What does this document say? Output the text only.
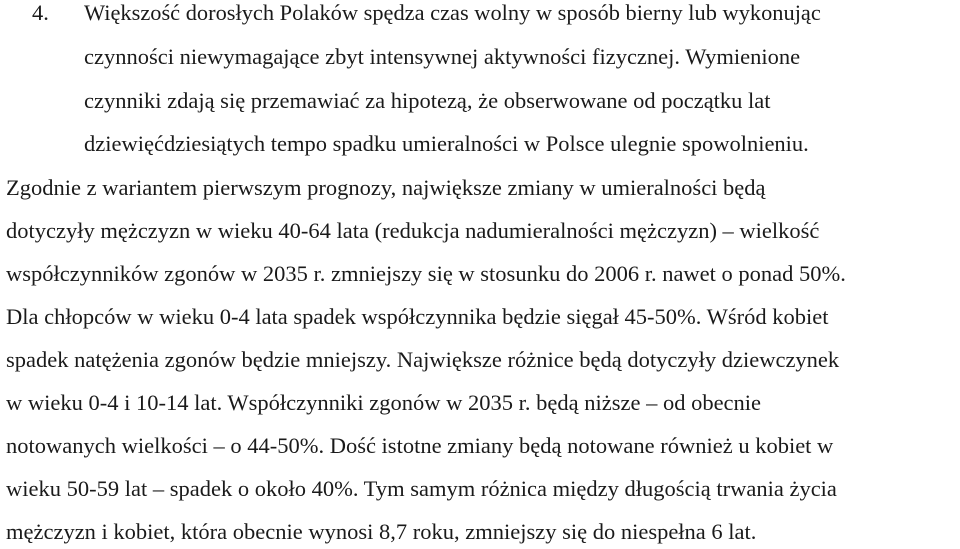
4. Większość dorosłych Polaków spędza czas wolny w sposób bierny lub wykonując
czynności niewymagające zbyt intensywnej aktywności fizycznej. Wymienione
czynniki zdają się przemawiać za hipotezą, że obserwowane od początku lat
dziewięćdziesiątych tempo spadku umieralności w Polsce ulegnie spowolnieniu.
Zgodnie z wariantem pierwszym prognozy, największe zmiany w umieralności będą
dotyczyły mężczyzn w wieku 40-64 lata (redukcja nadumieralności mężczyzn) – wielkość
współczynników zgonów w 2035 r. zmniejszy się w stosunku do 2006 r. nawet o ponad 50%.
Dla chłopców w wieku 0-4 lata spadek współczynnika będzie sięgał 45-50%. Wśród kobiet
spadek natężenia zgonów będzie mniejszy. Największe różnice będą dotyczyły dziewczynek
w wieku 0-4 i 10-14 lat. Współczynniki zgonów w 2035 r. będą niższe – od obecnie
notowanych wielkości – o 44-50%. Dość istotne zmiany będą notowane również u kobiet w
wieku 50-59 lat – spadek o około 40%. Tym samym różnica między długością trwania życia
mężczyzn i kobiet, która obecnie wynosi 8,7 roku, zmniejszy się do niespełna 6 lat.
